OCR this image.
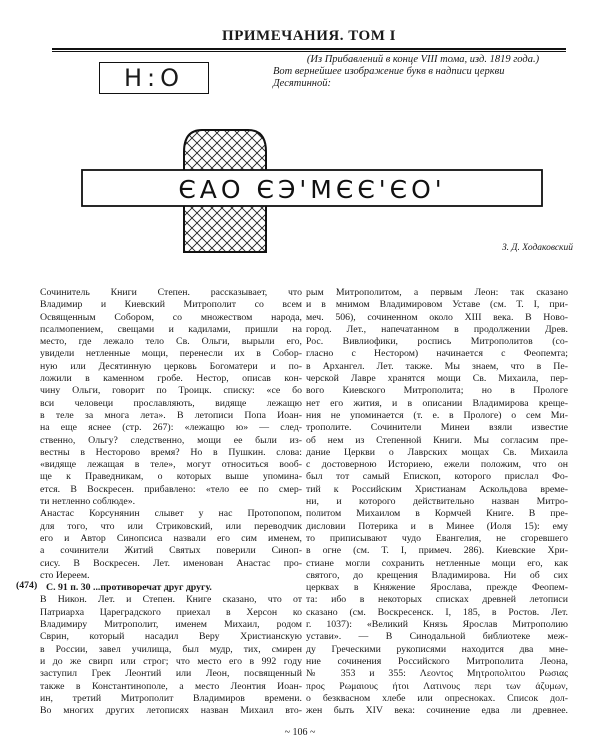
ПРИМЕЧАНИЯ. ТОМ I
Н:О
(Из Прибавлений в конце VIII тома, изд. 1819 года.)
Вот вернейшее изображение букв в надписи церкви
Десятинной:
ЄАО ЄЭ'МЄЄ'ЄО'
З. Д. Ходаковский
(474)
Сочинитель Книги Степен. рассказывает, что
Владимир и Киевский Митрополит со всем
Освященным Собором, со множеством народа,
псалмопением, свещами и кадилами, пришли на
место, где лежало тело Св. Ольги, вырыли его,
увидели нетленные мощи, перенесли их в Собор-
ную или Десятинную церковь Богоматери и по-
ложили в каменном гробе. Нестор, описав кон-
чину Ольги, говорит по Троицк. списку: «се бо
вси человеци прославляють, видяще лежащю
в теле за многа лета». В летописи Попа Иоан-
на еще яснее (стр. 267): «лежащю ю» — след-
ственно, Ольгу? следственно, мощи ее были из-
вестны в Несторово время? Но в Пушкин. слова:
«видяще лежащая в теле», могут относиться вооб-
ще к Праведникам, о которых выше упомина-
ется. В Воскресен. прибавлено: «тело ее по смер-
ти нетленно соблюде».
Анастас Корсунянин слывет у нас Протопопом,
для того, что или Стриковский, или переводчик
его и Автор Синопсиса назвали его сим именем,
а сочинители Житий Святых поверили Синоп-
сису. В Воскресен. Лет. именован Анастас про-
сто Иереем.
С. 91 п. 30 ...противоречат друг другу.
В Никон. Лет. и Степен. Книге сказано, что от
Патриарха Цареградского приехал в Херсон ко
Владимиру Митрополит, именем Михаил, родом
Сврин, который насадил Веру Христианскую
в России, завел училища, был мудр, тих, смирен
и до же свирп или строг; что место его в 992 году
заступил Грек Леонтий или Леон, посвященный
также в Константинополе, а место Леонтия Иоан-
ин, третий Митрополит Владимиров времени.
Во многих других летописях назван Михаил вто-
рым Митрополитом, а первым Леон: так сказано
и в мнимом Владимировом Уставе (см. Т. I, при-
меч. 506), сочиненном около XIII века. В Ново-
город. Лет., напечатанном в продолжении Древ.
Рос. Вивлиофики, роспись Митрополитов (со-
гласно с Нестором) начинается с Феопемта;
в Архангел. Лет. также. Мы знаем, что в Пе-
черской Лавре хранятся мощи Св. Михаила, пер-
вого Киевского Митрополита; но в Прологе
нет его жития, и в описании Владимирова креще-
ния не упоминается (т. е. в Прологе) о сем Ми-
трополите. Сочинители Минеи взяли известие
об нем из Степенной Книги. Мы согласим пре-
дание Церкви о Лаврских мощах Св. Михаила
с достоверною Историею, ежели положим, что он
был тот самый Епископ, которого прислал Фо-
тий к Российским Христианам Аскольдова време-
ни, и которого действительно назван Митро-
политом Михаилом в Кормчей Книге. В пре-
дисловии Потерика и в Минее (Иоля 15): ему
то приписывают чудо Евангелия, не сгоревшего
в огне (см. Т. I, примеч. 286). Киевские Хри-
стиане могли сохранить нетленные мощи его, как
святого, до крещения Владимирова. Ни об сих
церквах в Княжение Ярослава, прежде Феопем-
та: ибо в некоторых списках древней летописи
сказано (см. Воскресенск. I, 185, в Ростов. Лет.
г. 1037): «Великий Князь Ярослав Митрополию
устави». — В Синодальной библиотеке меж-
ду Греческими рукописями находится два мне-
ние сочинения Российского Митрополита Леона,
№ 353 и 355: Λεοντος Μητροπολιτου Ρωσιας
προς Ρωμαιους ήτοι Λατινους περι των άζυμων,
о безквасном хлебе или опресноках. Список дол-
жен быть XIV века: сочинение едва ли древнее.
~ 106 ~
